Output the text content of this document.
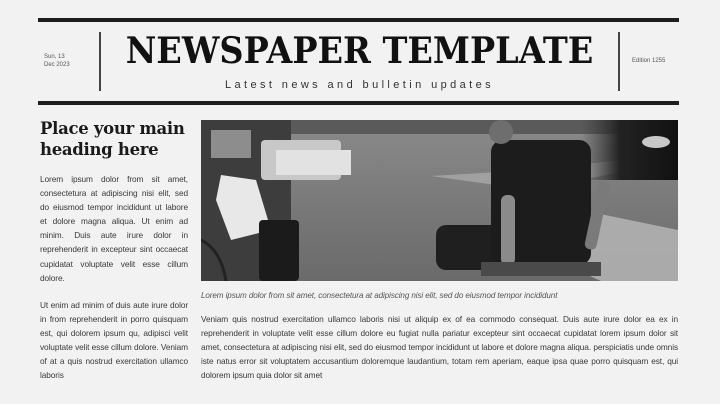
Sun, 13
Dec 2023 NEWSPAPER TEMPLATE
Latest news and bulletin updates
Edition 1255
Place your main heading here

Lorem ipsum dolor from sit amet, consectetura at adipiscing nisi elit, sed do eiusmod tempor incididunt ut labore et dolore magna aliqua. Ut enim ad minim. Duis aute irure dolor in reprehenderit in excepteur sint occaecat cupidatat voluptate velit esse cillum dolore.

Ut enim ad minim of duis aute irure dolor in from reprehenderit in porro quisquam est, qui dolorem ipsum qu, adipisci velit voluptate velit esse cillum dolore. Veniam of at a quis nostrud exercitation ullamco laboris

Lorem ipsum dolor from sit amet, consectetura at adipiscing nisi elit, sed do eiusmod tempor incididunt

Veniam quis nostrud exercitation ullamco laboris nisi ut aliquip ex of ea commodo consequat. Duis aute irure dolor ea ex in reprehenderit in voluptate velit esse cillum dolore eu fugiat nulla pariatur excepteur sint occaecat cupidatat lorem ipsum dolor sit amet, consectetura at adipiscing nisi elit, sed do eiusmod tempor incididunt ut labore et dolore magna aliqua. perspiciatis unde omnis iste natus error sit voluptatem accusantium doloremque laudantium, totam rem aperiam, eaque ipsa quae porro quisquam est, qui dolorem ipsum quia dolor sit amet
